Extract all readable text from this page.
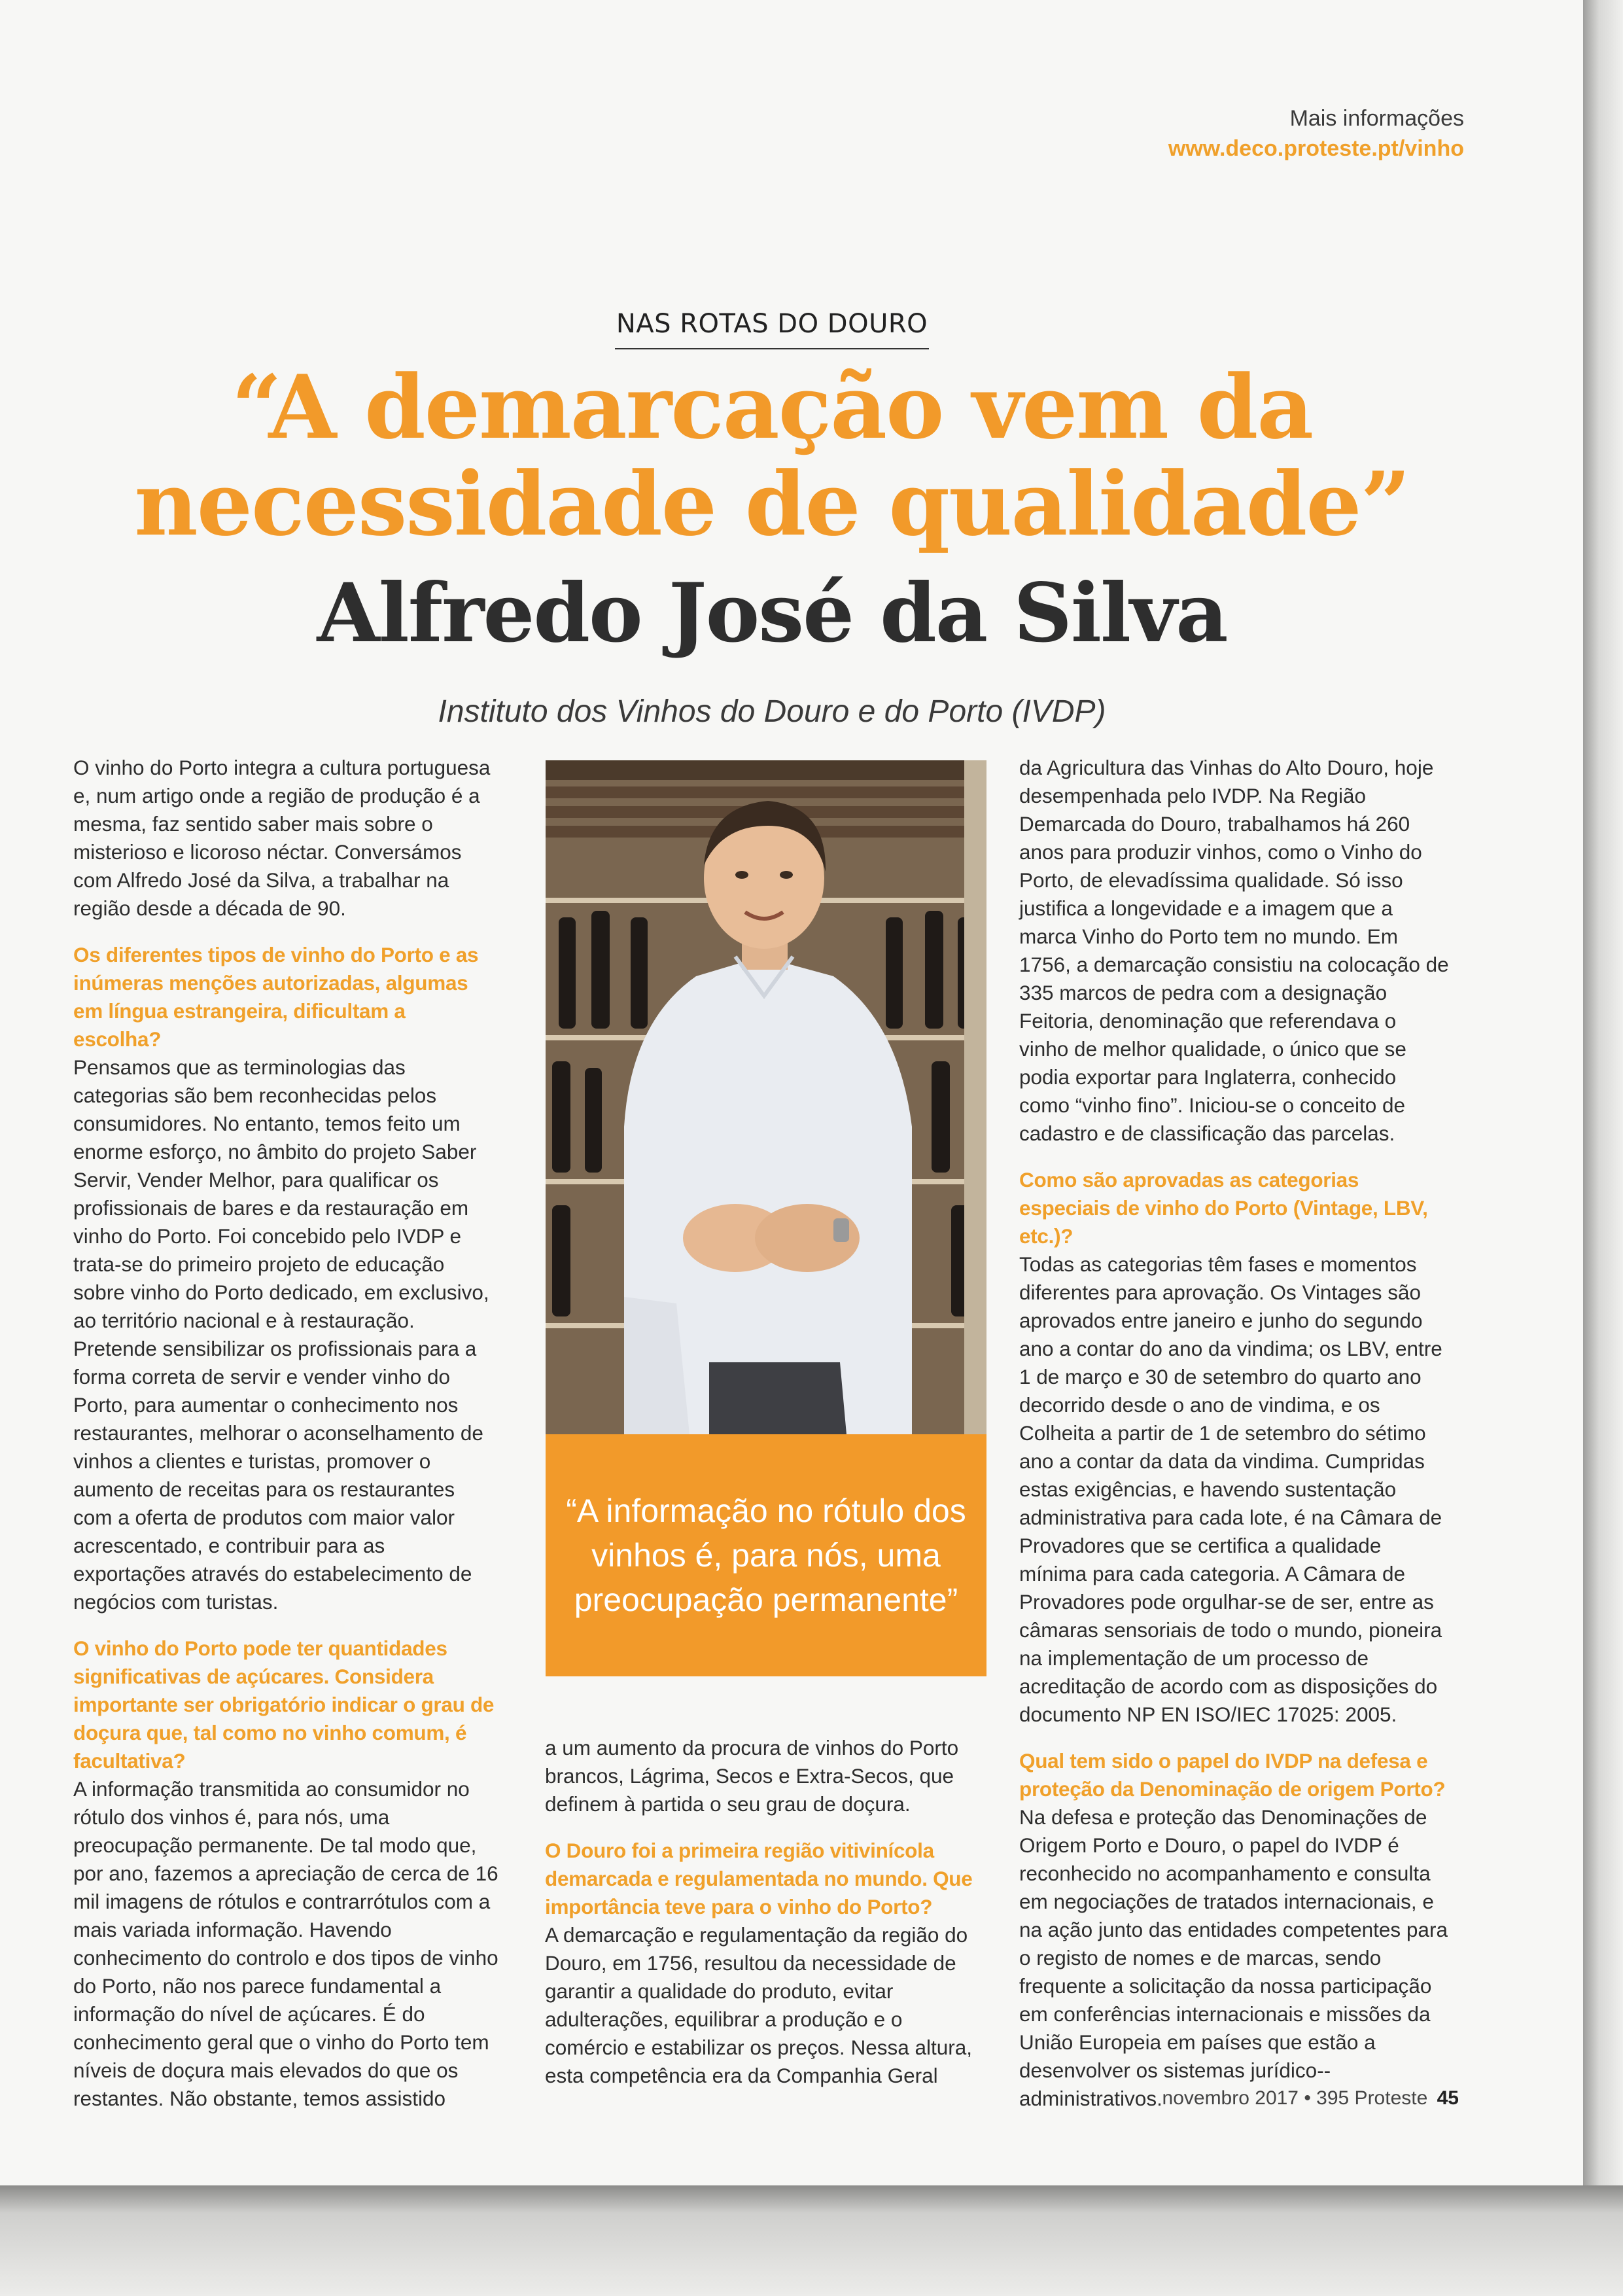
Mais informações
www.deco.proteste.pt/vinho
NAS ROTAS DO DOURO
“A demarcação vem da
necessidade de qualidade”
Alfredo José da Silva
Instituto dos Vinhos do Douro e do Porto (IVDP)

O vinho do Porto integra a cultura portuguesa e, num artigo onde a região de produção é a mesma, faz sentido saber mais sobre o misterioso e licoroso néctar. Conversámos com Alfredo José da Silva, a trabalhar na região desde a década de 90.

Os diferentes tipos de vinho do Porto e as inúmeras menções autorizadas, algumas em língua estrangeira, dificultam a escolha?
Pensamos que as terminologias das categorias são bem reconhecidas pelos consumidores. No entanto, temos feito um enorme esforço, no âmbito do projeto Saber Servir, Vender Melhor, para qualificar os profissionais de bares e da restauração em vinho do Porto. Foi concebido pelo IVDP e trata-se do primeiro projeto de educação sobre vinho do Porto dedicado, em exclusivo, ao território nacional e à restauração. Pretende sensibilizar os profissionais para a forma correta de servir e vender vinho do Porto, para aumentar o conhecimento nos restaurantes, melhorar o aconselhamento de vinhos a clientes e turistas, promover o aumento de receitas para os restaurantes com a oferta de produtos com maior valor acrescentado, e contribuir para as exportações através do estabelecimento de negócios com turistas.

O vinho do Porto pode ter quantidades significativas de açúcares. Considera importante ser obrigatório indicar o grau de doçura que, tal como no vinho comum, é facultativa?
A informação transmitida ao consumidor no rótulo dos vinhos é, para nós, uma preocupação permanente. De tal modo que, por ano, fazemos a apreciação de cerca de 16 mil imagens de rótulos e contrarrótulos com a mais variada informação. Havendo conhecimento do controlo e dos tipos de vinho do Porto, não nos parece fundamental a informação do nível de açúcares. É do conhecimento geral que o vinho do Porto tem níveis de doçura mais elevados do que os restantes. Não obstante, temos assistido

“A informação no rótulo dos vinhos é, para nós, uma preocupação permanente”

a um aumento da procura de vinhos do Porto brancos, Lágrima, Secos e Extra-Secos, que definem à partida o seu grau de doçura.

O Douro foi a primeira região vitivinícola demarcada e regulamentada no mundo. Que importância teve para o vinho do Porto?
A demarcação e regulamentação da região do Douro, em 1756, resultou da necessidade de garantir a qualidade do produto, evitar adulterações, equilibrar a produção e o comércio e estabilizar os preços. Nessa altura, esta competência era da Companhia Geral

da Agricultura das Vinhas do Alto Douro, hoje desempenhada pelo IVDP. Na Região Demarcada do Douro, trabalhamos há 260 anos para produzir vinhos, como o Vinho do Porto, de elevadíssima qualidade. Só isso justifica a longevidade e a imagem que a marca Vinho do Porto tem no mundo. Em 1756, a demarcação consistiu na colocação de 335 marcos de pedra com a designação Feitoria, denominação que referendava o vinho de melhor qualidade, o único que se podia exportar para Inglaterra, conhecido como “vinho fino”. Iniciou-se o conceito de cadastro e de classificação das parcelas.

Como são aprovadas as categorias especiais de vinho do Porto (Vintage, LBV, etc.)?
Todas as categorias têm fases e momentos diferentes para aprovação. Os Vintages são aprovados entre janeiro e junho do segundo ano a contar do ano da vindima; os LBV, entre 1 de março e 30 de setembro do quarto ano decorrido desde o ano de vindima, e os Colheita a partir de 1 de setembro do sétimo ano a contar da data da vindima. Cumpridas estas exigências, e havendo sustentação administrativa para cada lote, é na Câmara de Provadores que se certifica a qualidade mínima para cada categoria. A Câmara de Provadores pode orgulhar-se de ser, entre as câmaras sensoriais de todo o mundo, pioneira na implementação de um processo de acreditação de acordo com as disposições do documento NP EN ISO/IEC 17025: 2005.

Qual tem sido o papel do IVDP na defesa e proteção da Denominação de origem Porto?
Na defesa e proteção das Denominações de Origem Porto e Douro, o papel do IVDP é reconhecido no acompanhamento e consulta em negociações de tratados internacionais, e na ação junto das entidades competentes para o registo de nomes e de marcas, sendo frequente a solicitação da nossa participação em conferências internacionais e missões da União Europeia em países que estão a desenvolver os sistemas jurídico--administrativos. novembro 2017 • 395 Proteste 45
